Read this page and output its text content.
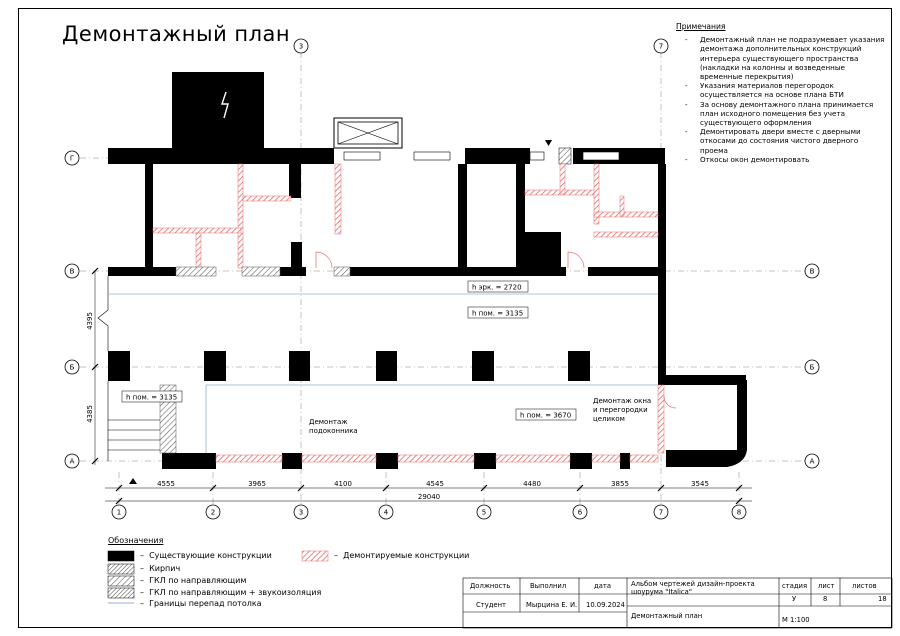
3	7
Г
В
Б
А
В
Б
А
1	2	3	4	5	6	7	8
4555	3965	4100	4545	4480	3855	3545
29040
4395
4385
h эрк. = 2720
h пом. = 3135
h пом. = 3135
h пом. = 3670
Демонтаж
подоконника
Демонтаж окна
и перегородки
целиком
Демонтажный план	Примечания
- Демонтажный план не подразумевает указания демонтажа дополнительных конструкций интерьера существующего пространства (накладки на колонны и возведенные временные перекрытия)
- Указания материалов перегородок осуществляется на основе плана БТИ
- За основу демонтажного плана принимается план исходного помещения без учета существующего оформления
- Демонтировать двери вместе с дверными откосами до состояния чистого дверного проема
- Откосы окон демонтировать
Обозначения
–  Существующие конструкции
–  Кирпич
–  ГКЛ по направляющим
–  ГКЛ по направляющим + звукоизоляция
–  Границы перепад потолка
–  Демонтируемые конструкции
Должность	Выполнил	дата	Альбом чертежей дизайн-проекта
шоурума "Italica"
стадия лист	листов
Студент	Мырцина Е. И. 10.09.2024
У	8	18
Демонтажный план	М 1:100
